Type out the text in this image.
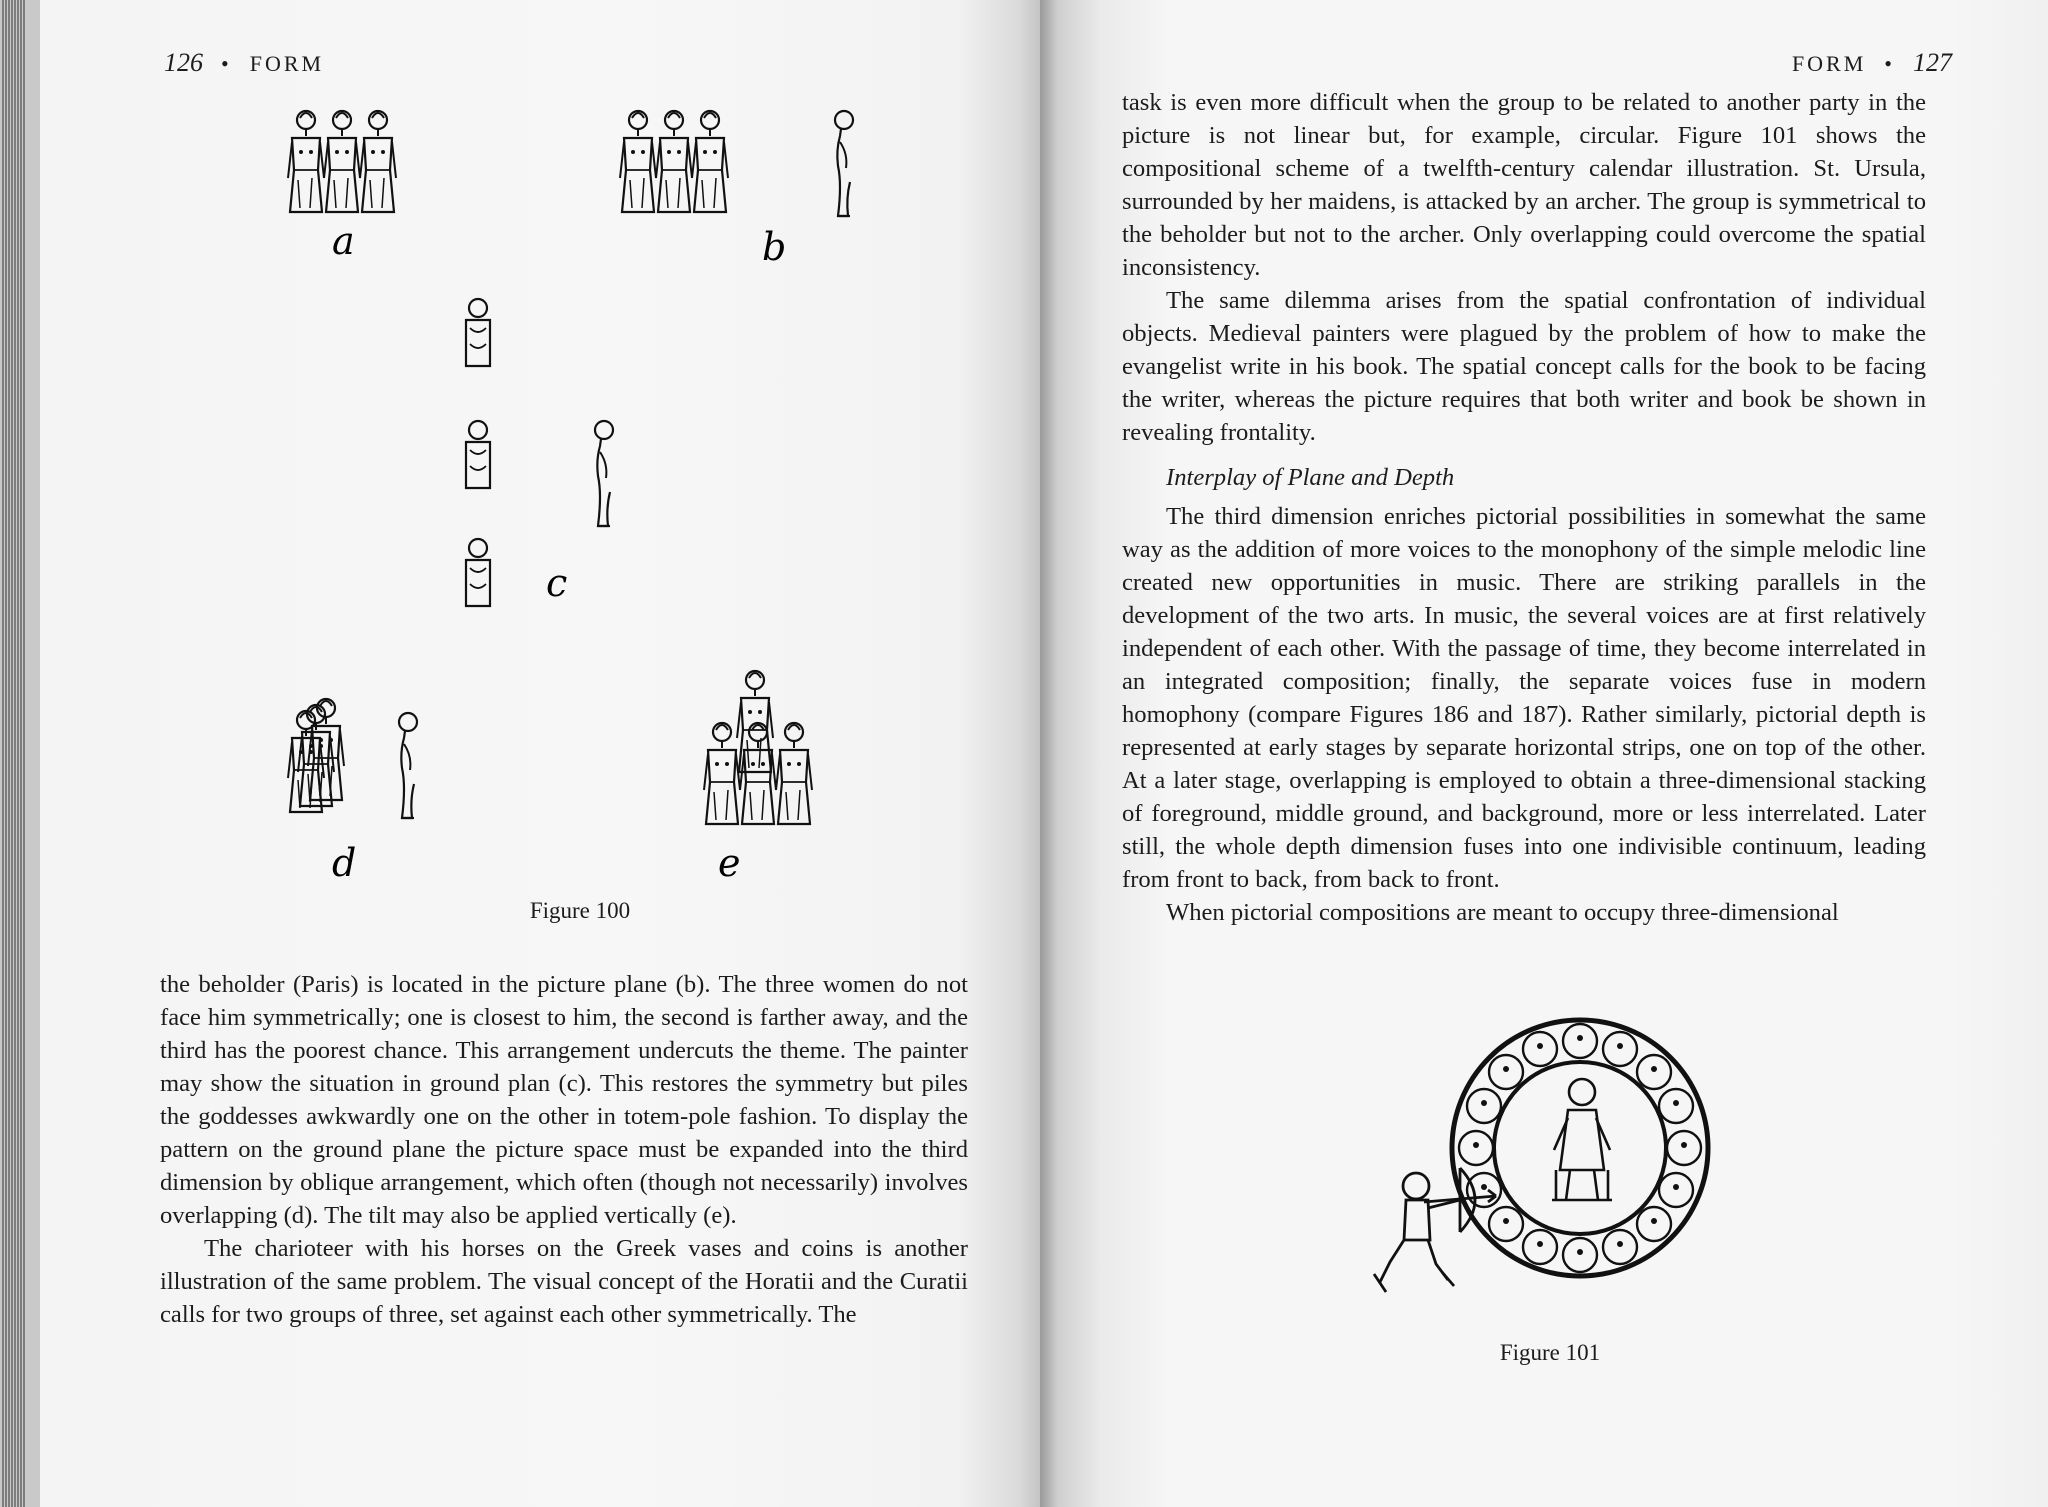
126 • FORM
a	b
c
d	e
Figure 100

the beholder (Paris) is located in the picture plane (b). The three women do not face him symmetrically; one is closest to him, the second is farther away, and the third has the poorest chance. This arrangement undercuts the theme. The painter may show the situation in ground plan (c). This restores the symmetry but piles the goddesses awkwardly one on the other in totem-pole fashion. To display the pattern on the ground plane the picture space must be expanded into the third dimension by oblique arrangement, which often (though not necessarily) involves overlapping (d). The tilt may also be applied vertically (e).

The charioteer with his horses on the Greek vases and coins is another illustration of the same problem. The visual concept of the Horatii and the Curatii calls for two groups of three, set against each other symmetrically. The

FORM • 127

task is even more difficult when the group to be related to another party in the picture is not linear but, for example, circular. Figure 101 shows the compositional scheme of a twelfth-century calendar illustration. St. Ursula, surrounded by her maidens, is attacked by an archer. The group is symmetrical to the beholder but not to the archer. Only overlapping could overcome the spatial inconsistency.

The same dilemma arises from the spatial confrontation of individual objects. Medieval painters were plagued by the problem of how to make the evangelist write in his book. The spatial concept calls for the book to be facing the writer, whereas the picture requires that both writer and book be shown in revealing frontality.

Interplay of Plane and Depth

The third dimension enriches pictorial possibilities in somewhat the same way as the addition of more voices to the monophony of the simple melodic line created new opportunities in music. There are striking parallels in the development of the two arts. In music, the several voices are at first relatively independent of each other. With the passage of time, they become interrelated in an integrated composition; finally, the separate voices fuse in modern homophony (compare Figures 186 and 187). Rather similarly, pictorial depth is represented at early stages by separate horizontal strips, one on top of the other. At a later stage, overlapping is employed to obtain a three-dimensional stacking of foreground, middle ground, and background, more or less interrelated. Later still, the whole depth dimension fuses into one indivisible continuum, leading from front to back, from back to front.

When pictorial compositions are meant to occupy three-dimensional

Figure 101
